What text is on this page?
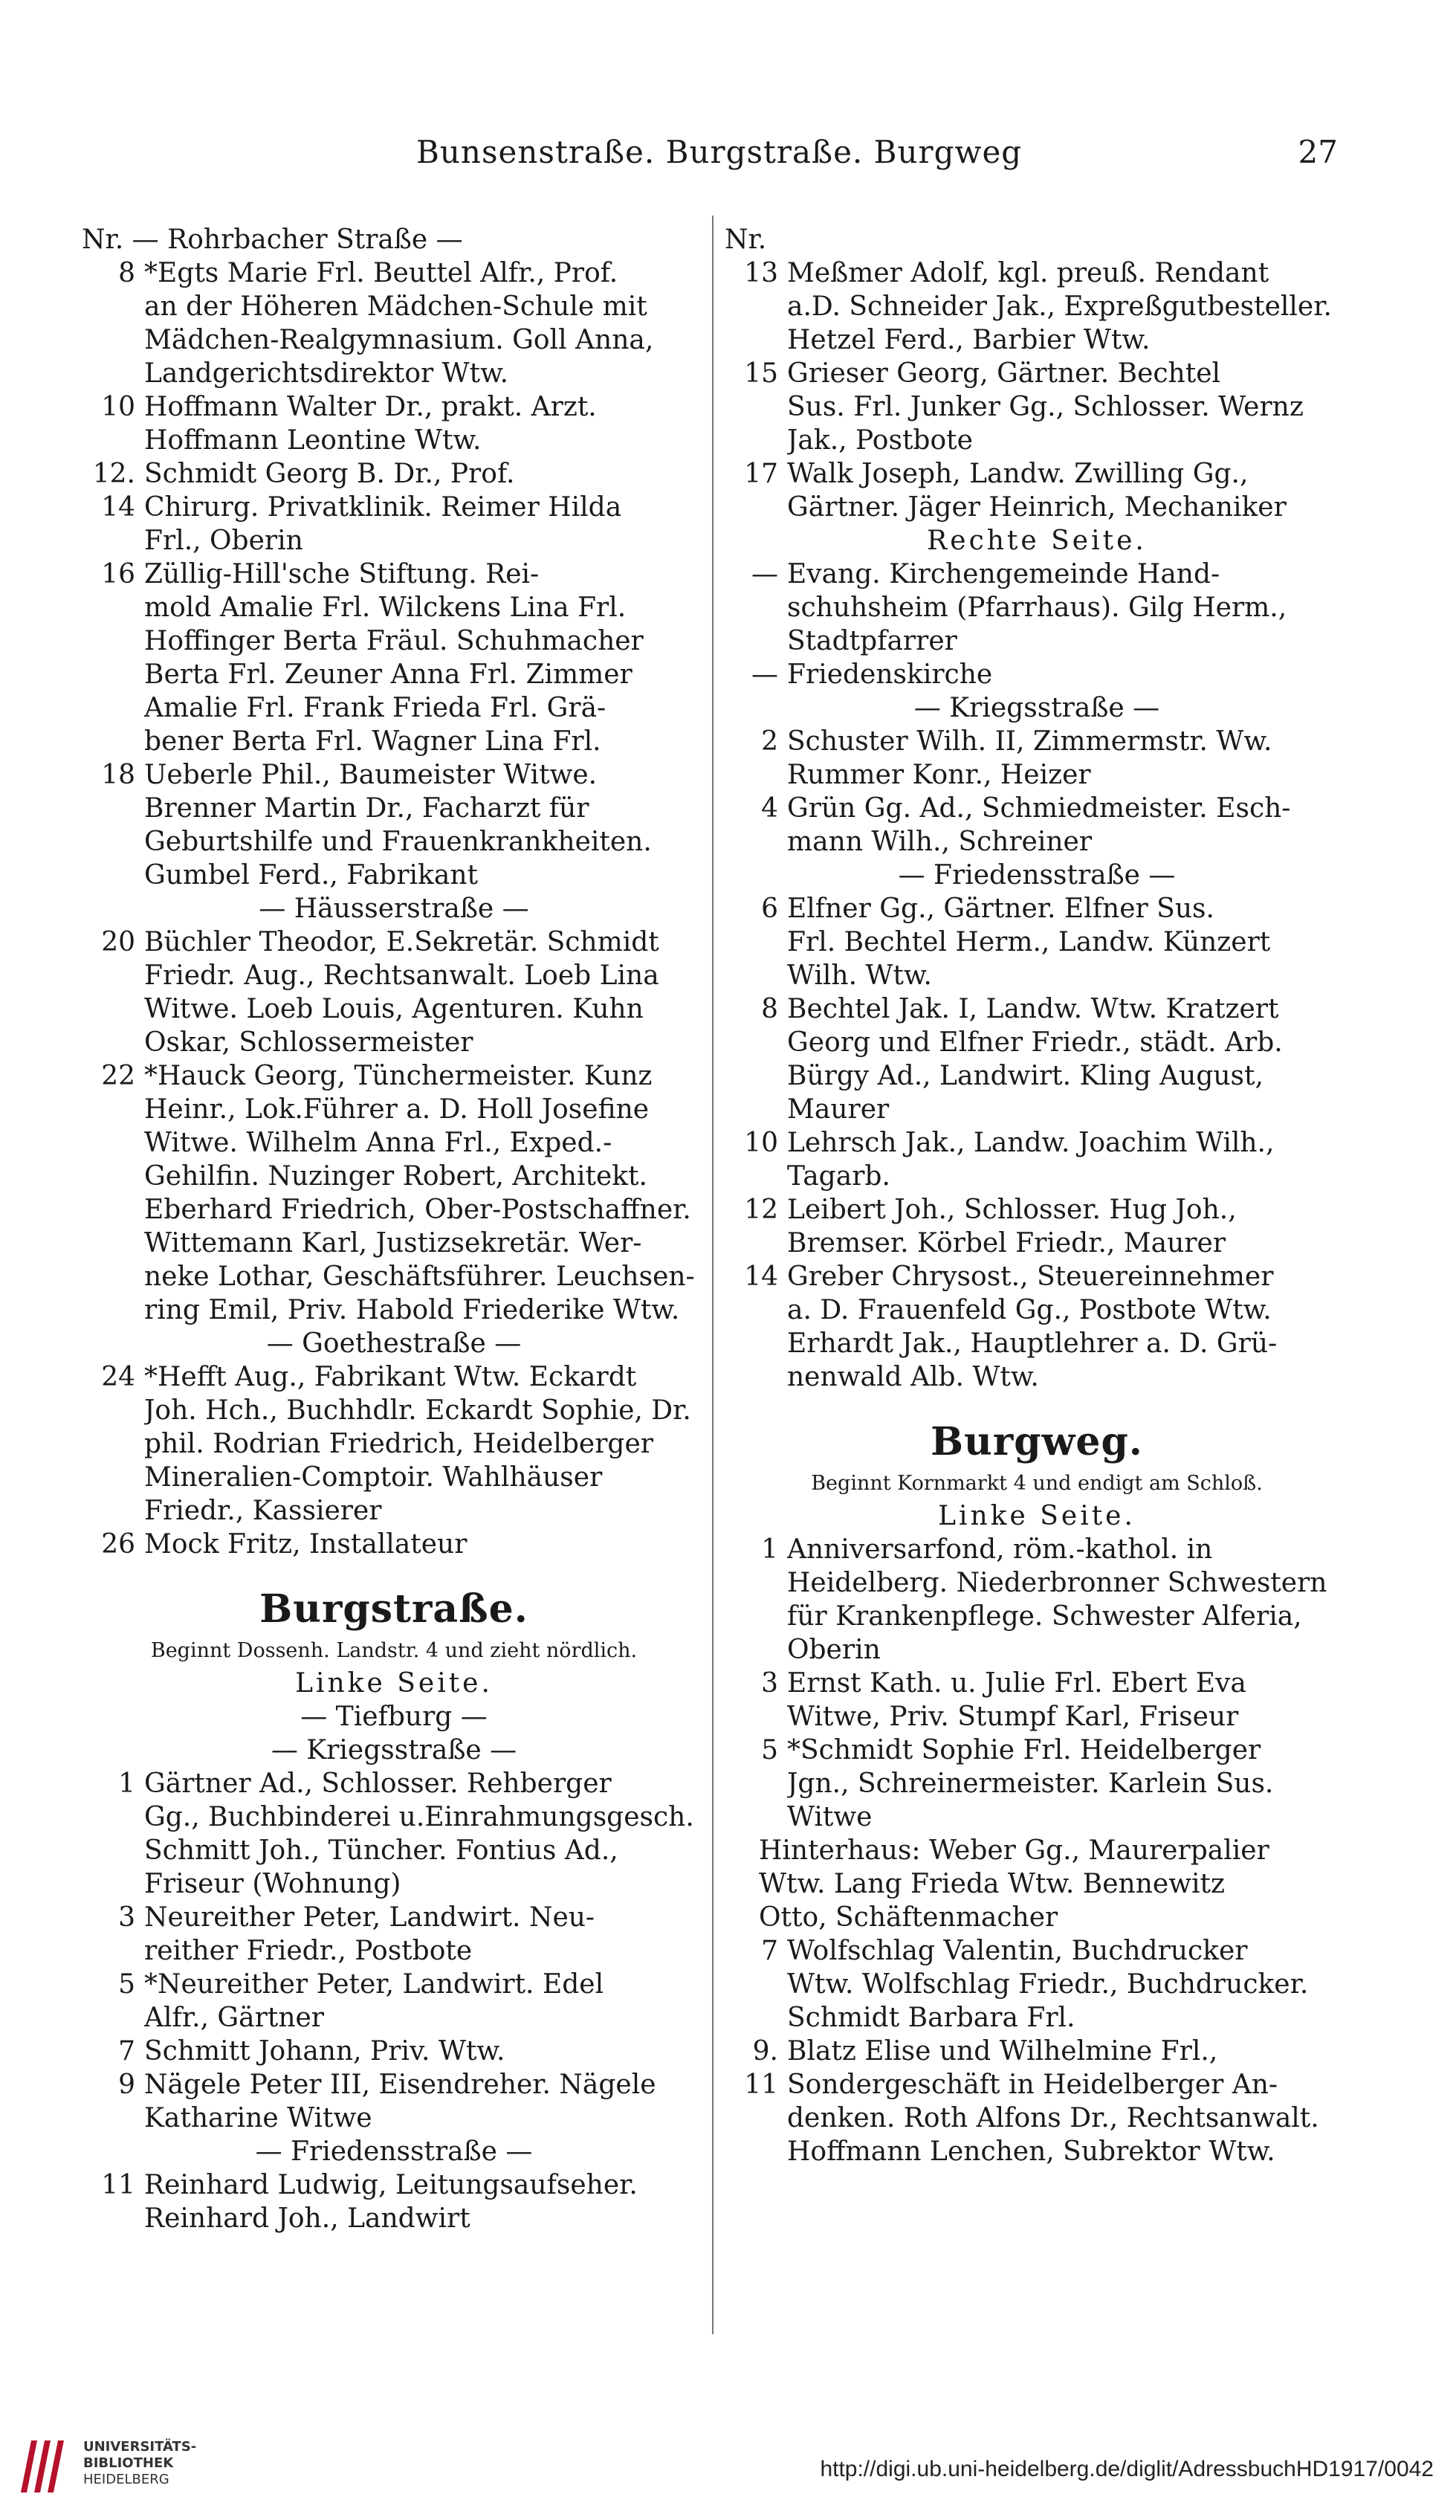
Bunsenstraße. Burgstraße. Burgweg	27
Nr. — Rohrbacher Straße —
8 *Egts Marie Frl. Beuttel Alfr., Prof.
an der Höheren Mädchen-Schule mit
Mädchen-Realgymnasium. Goll Anna,
Landgerichtsdirektor Wtw.
10 Hoffmann Walter Dr., prakt. Arzt.
Hoffmann Leontine Wtw.
12. 14
Schmidt Georg B. Dr., Prof.
Chirurg. Privatklinik. Reimer Hilda
Frl., Oberin
16 Züllig-Hill'sche Stiftung. Rei-
mold Amalie Frl. Wilckens Lina Frl.
Hoffinger Berta Fräul. Schuhmacher
Berta Frl. Zeuner Anna Frl. Zimmer
Amalie Frl. Frank Frieda Frl. Grä-
bener Berta Frl. Wagner Lina Frl.
18 Ueberle Phil., Baumeister Witwe.
Brenner Martin Dr., Facharzt für
Geburtshilfe und Frauenkrankheiten.
Gumbel Ferd., Fabrikant
— Häusserstraße —
20 Büchler Theodor, E.Sekretär. Schmidt
Friedr. Aug., Rechtsanwalt. Loeb Lina
Witwe. Loeb Louis, Agenturen. Kuhn
Oskar, Schlossermeister
22 *Hauck Georg, Tünchermeister. Kunz
Heinr., Lok.Führer a. D. Holl Josefine
Witwe. Wilhelm Anna Frl., Exped.-
Gehilfin. Nuzinger Robert, Architekt.
Eberhard Friedrich, Ober-Postschaffner.
Wittemann Karl, Justizsekretär. Wer-
neke Lothar, Geschäftsführer. Leuchsen-
ring Emil, Priv. Habold Friederike Wtw.
— Goethestraße —
24 *Hefft Aug., Fabrikant Wtw. Eckardt
Joh. Hch., Buchhdlr. Eckardt Sophie, Dr.
phil. Rodrian Friedrich, Heidelberger
Mineralien-Comptoir. Wahlhäuser
Friedr., Kassierer
26 Mock Fritz, Installateur
Burgstraße.
Beginnt Dossenh. Landstr. 4 und zieht nördlich.
Linke Seite.
— Tiefburg —
— Kriegsstraße —
1 Gärtner Ad., Schlosser. Rehberger
Gg., Buchbinderei u.Einrahmungsgesch.
Schmitt Joh., Tüncher. Fontius Ad.,
Friseur (Wohnung)
3 Neureither Peter, Landwirt. Neu-
reither Friedr., Postbote
5 *Neureither Peter, Landwirt. Edel
Alfr., Gärtner
7 Schmitt Johann, Priv. Wtw.
9 Nägele Peter III, Eisendreher. Nägele
Katharine Witwe
— Friedensstraße —
11 Reinhard Ludwig, Leitungsaufseher.
Reinhard Joh., Landwirt
Nr.
13 Meßmer Adolf, kgl. preuß. Rendant
a.D. Schneider Jak., Expreßgutbesteller.
Hetzel Ferd., Barbier Wtw.
15 Grieser Georg, Gärtner. Bechtel
Sus. Frl. Junker Gg., Schlosser. Wernz
Jak., Postbote
17 Walk Joseph, Landw. Zwilling Gg.,
Gärtner. Jäger Heinrich, Mechaniker
Rechte Seite.
— Evang. Kirchengemeinde Hand-
schuhsheim (Pfarrhaus). Gilg Herm.,
Stadtpfarrer
— Friedenskirche
— Kriegsstraße —
2 Schuster Wilh. II, Zimmermstr. Ww.
Rummer Konr., Heizer
4 Grün Gg. Ad., Schmiedmeister. Esch-
mann Wilh., Schreiner
— Friedensstraße —
6 Elfner Gg., Gärtner. Elfner Sus.
Frl. Bechtel Herm., Landw. Künzert
Wilh. Wtw.
8 Bechtel Jak. I, Landw. Wtw. Kratzert
Georg und Elfner Friedr., städt. Arb.
Bürgy Ad., Landwirt. Kling August,
Maurer
10 Lehrsch Jak., Landw. Joachim Wilh.,
Tagarb.
12 Leibert Joh., Schlosser. Hug Joh.,
Bremser. Körbel Friedr., Maurer
14 Greber Chrysost., Steuereinnehmer
a. D. Frauenfeld Gg., Postbote Wtw.
Erhardt Jak., Hauptlehrer a. D. Grü-
nenwald Alb. Wtw.
Burgweg.
Beginnt Kornmarkt 4 und endigt am Schloß.
Linke Seite.
1 Anniversarfond, röm.-kathol. in
Heidelberg. Niederbronner Schwestern
für Krankenpflege. Schwester Alferia,
Oberin
3 Ernst Kath. u. Julie Frl. Ebert Eva
Witwe, Priv. Stumpf Karl, Friseur
5 *Schmidt Sophie Frl. Heidelberger
Jgn., Schreinermeister. Karlein Sus.
Witwe
Hinterhaus: Weber Gg., Maurerpalier
Wtw. Lang Frieda Wtw. Bennewitz
Otto, Schäftenmacher
7 Wolfschlag Valentin, Buchdrucker
Wtw. Wolfschlag Friedr., Buchdrucker.
Schmidt Barbara Frl.
9. 11
Blatz Elise und Wilhelmine Frl.,
Sondergeschäft in Heidelberger An-
denken. Roth Alfons Dr., Rechtsanwalt.
Hoffmann Lenchen, Subrektor Wtw.
UNIVERSITÄTS-
BIBLIOTHEK
HEIDELBERG	http://digi.ub.uni-heidelberg.de/diglit/AdressbuchHD1917/0042
